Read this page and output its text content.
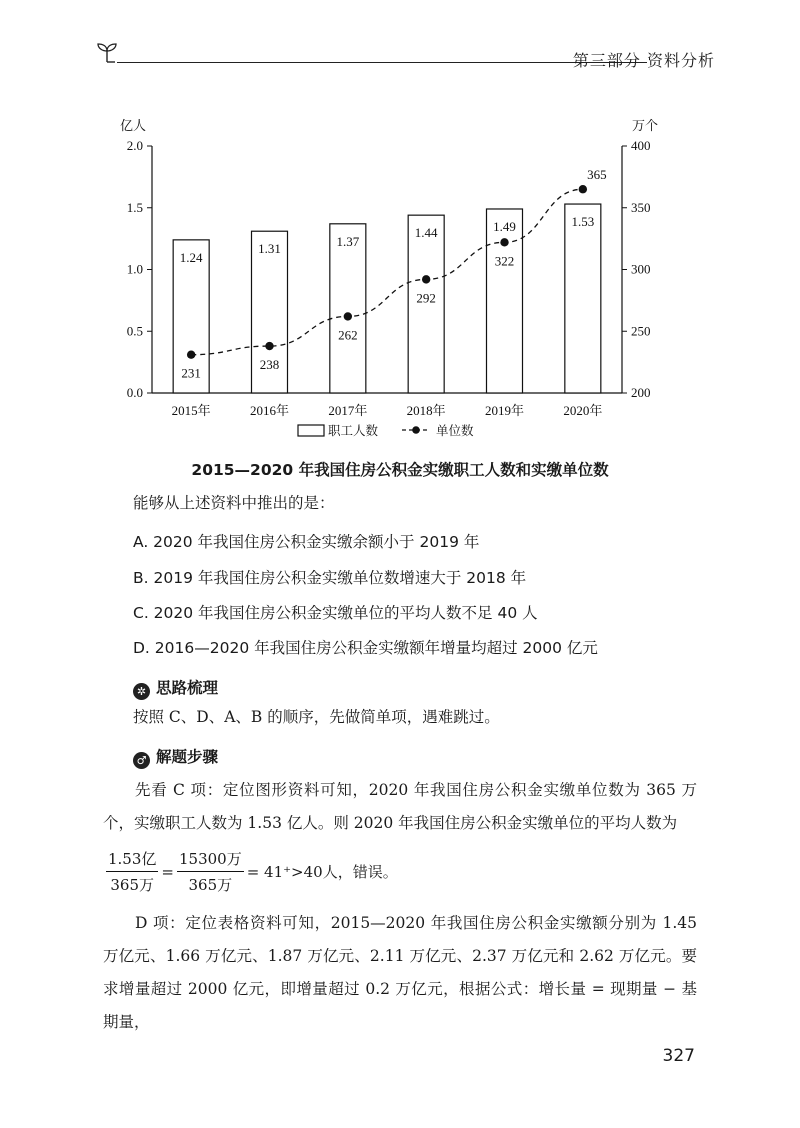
第三部分 资料分析
0.0
0.5
1.0
1.5
2.0
200
250
300
350
400
亿人	万个
1.24
1.31	1.37
1.44	1.49	1.53
2015年	2016年	2017年	2018年	2019年	2020年
231
238
262
292
322
365
职工人数	单位数
2015—2020 年我国住房公积金实缴职工人数和实缴单位数
能够从上述资料中推出的是：
A. 2020 年我国住房公积金实缴余额小于 2019 年
B. 2019 年我国住房公积金实缴单位数增速大于 2018 年
C. 2020 年我国住房公积金实缴单位的平均人数不足 40 人
D. 2016—2020 年我国住房公积金实缴额年增量均超过 2000 亿元
✲ 思路梳理
按照 C、D、A、B 的顺序，先做简单项，遇难跳过。
♂ 解题步骤
先看 C 项：定位图形资料可知，2020 年我国住房公积金实缴单位数为 365 万个，实缴职工人数为 1.53 亿人。则 2020 年我国住房公积金实缴单位的平均人数为
$\frac{\text{1.53亿}}{\text{365万}} = \frac{\text{15300万}}{\text{365万}} = 41^+>40$人，错误。
D 项：定位表格资料可知，2015—2020 年我国住房公积金实缴额分别为 1.45 万亿元、1.66 万亿元、1.87 万亿元、2.11 万亿元、2.37 万亿元和 2.62 万亿元。要求增量超过 2000 亿元，即增量超过 0.2 万亿元，根据公式：增长量 = 现期量 − 基期量，
327
